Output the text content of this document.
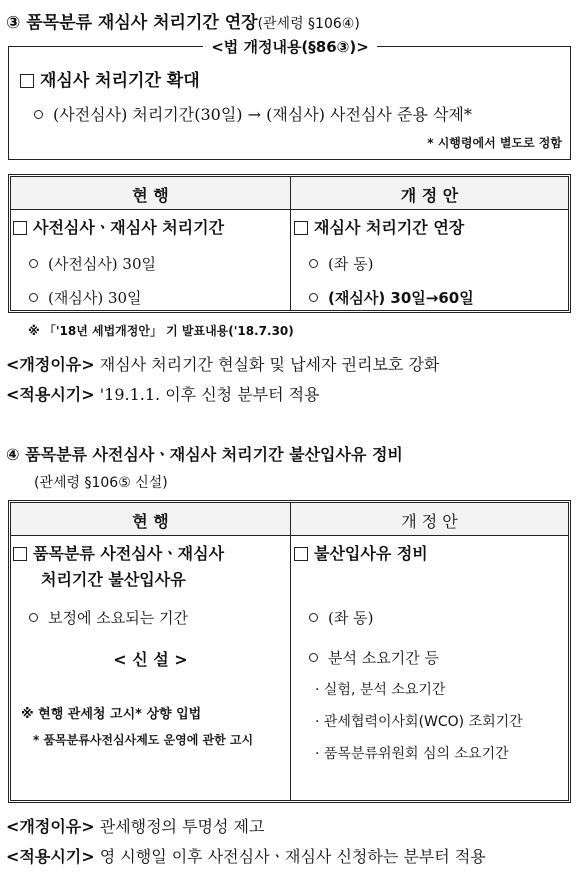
③ 품목분류 재심사 처리기간 연장(관세령 §106④)
<법 개정내용(§86③)>
재심사 처리기간 확대
(사전심사) 처리기간(30일) → (재심사) 사전심사 준용 삭제*
* 시행령에서 별도로 정함
현 행	개 정 안
사전심사ㆍ재심사 처리기간
(사전심사) 30일
(재심사) 30일
재심사 처리기간 연장
(좌 동)
(재심사) 30일→60일
※ 「'18년 세법개정안」 기 발표내용('18.7.30)
<개정이유> 재심사 처리기간 현실화 및 납세자 권리보호 강화
<적용시기> '19.1.1. 이후 신청 분부터 적용
④ 품목분류 사전심사ㆍ재심사 처리기간 불산입사유 정비
(관세령 §106⑤ 신설)
현 행	개 정 안
품목분류 사전심사ㆍ재심사
처리기간 불산입사유
보정에 소요되는 기간
< 신 설 >
※ 현행 관세청 고시* 상향 입법
* 품목분류사전심사제도 운영에 관한 고시
불산입사유 정비
(좌 동)
분석 소요기간 등
· 실험, 분석 소요기간
· 관세협력이사회(WCO) 조회기간
· 품목분류위원회 심의 소요기간
<개정이유> 관세행정의 투명성 제고
<적용시기> 영 시행일 이후 사전심사ㆍ재심사 신청하는 분부터 적용
